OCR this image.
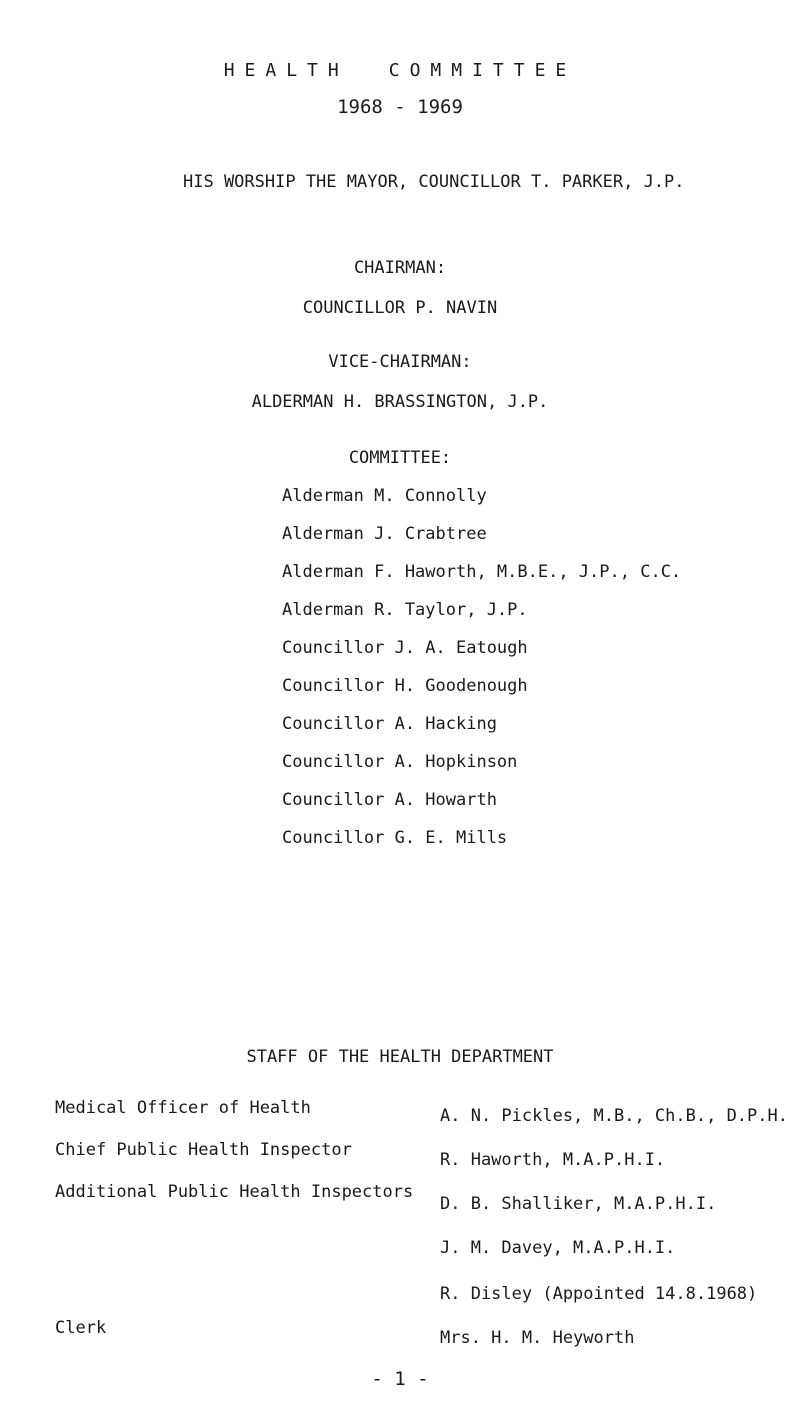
HEALTH COMMITTEE
1968 - 1969
HIS WORSHIP THE MAYOR, COUNCILLOR T. PARKER, J.P.
CHAIRMAN:
COUNCILLOR P. NAVIN
VICE-CHAIRMAN:
ALDERMAN H. BRASSINGTON, J.P.
COMMITTEE:
Alderman M. Connolly
Alderman J. Crabtree
Alderman F. Haworth, M.B.E., J.P., C.C.
Alderman R. Taylor, J.P.
Councillor J. A. Eatough
Councillor H. Goodenough
Councillor A. Hacking
Councillor A. Hopkinson
Councillor A. Howarth
Councillor G. E. Mills
STAFF OF THE HEALTH DEPARTMENT
Medical Officer of Health
Chief Public Health Inspector
Additional Public Health Inspectors
Clerk
A. N. Pickles, M.B., Ch.B., D.P.H.
R. Haworth, M.A.P.H.I.
D. B. Shalliker, M.A.P.H.I.
J. M. Davey, M.A.P.H.I.
R. Disley (Appointed 14.8.1968)
Mrs. H. M. Heyworth
- 1 -
